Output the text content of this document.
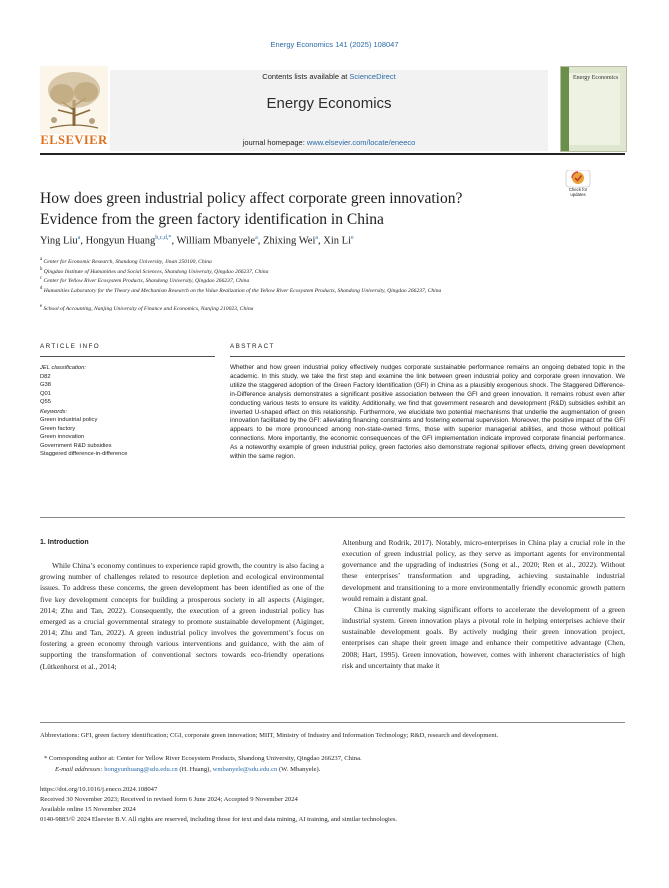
Energy Economics 141 (2025) 108047
ELSEVIER
Contents lists available at ScienceDirect
Energy Economics
journal homepage: www.elsevier.com/locate/eneeco
Energy Economics
Check for updates
How does green industrial policy affect corporate green innovation?
Evidence from the green factory identification in China
Ying Liu$^a$, Hongyun Huang$^{b,c,d,*}$, William Mbanyele$^a$, Zhixing Wei$^a$, Xin Li$^e$
$^a$ Center for Economic Research, Shandong University, Jinan 250100, China
$^b$ Qingdao Institute of Humanities and Social Sciences, Shandong University, Qingdao 266237, China
$^c$ Center for Yellow River Ecosystem Products, Shandong University, Qingdao 266237, China
$^d$ Humanities Laboratory for the Theory and Mechanism Research on the Value Realization of the Yellow River Ecosystem Products, Shandong University, Qingdao 266237, China
$^e$ School of Accounting, Nanjing University of Finance and Economics, Nanjing 210023, China
ARTICLE INFO	ABSTRACT
JEL classification:
D82
G38
Q01
Q55
Keywords:
Green industrial policy
Green factory
Green innovation
Government R&D subsidies
Staggered difference-in-difference
Whether and how green industrial policy effectively nudges corporate sustainable performance remains an ongoing debated topic in the academic. In this study, we take the first step and examine the link between green industrial policy and corporate green innovation. We utilize the staggered adoption of the Green Factory Identification (GFI) in China as a plausibly exogenous shock. The Staggered Difference-in-Difference analysis demonstrates a significant positive association between the GFI and green innovation. It remains robust even after conducting various tests to ensure its validity. Additionally, we find that government research and development (R&D) subsidies exhibit an inverted U-shaped effect on this relationship. Furthermore, we elucidate two potential mechanisms that underlie the augmentation of green innovation facilitated by the GFI: alleviating financing constraints and fostering external supervision. Moreover, the positive impact of the GFI appears to be more pronounced among non-state-owned firms, those with superior managerial abilities, and those without political connections. More importantly, the economic consequences of the GFI implementation indicate improved corporate financial performance. As a noteworthy example of green industrial policy, green factories also demonstrate regional spillover effects, driving green development within the same region.

1. Introduction

While China’s economy continues to experience rapid growth, the country is also facing a growing number of challenges related to resource depletion and ecological environmental issues. To address these concerns, the green development has been identified as one of the five key development concepts for building a prosperous society in all aspects (Aiginger, 2014; Zhu and Tan, 2022). Consequently, the execution of a green industrial policy has emerged as a crucial governmental strategy to promote sustainable development (Aiginger, 2014; Zhu and Tan, 2022). A green industrial policy involves the government’s focus on fostering a green economy through various interventions and guidance, with the aim of supporting the transformation of conventional sectors towards eco-friendly operations (Lütkenhorst et al., 2014;

Altenburg and Rodrik, 2017). Notably, micro-enterprises in China play a crucial role in the execution of green industrial policy, as they serve as important agents for environmental governance and the upgrading of industries (Song et al., 2020; Ren et al., 2022). Without these enterprises’ transformation and upgrading, achieving sustainable industrial development and transitioning to a more environmentally friendly economic growth pattern would remain a distant goal.

China is currently making significant efforts to accelerate the development of a green industrial system. Green innovation plays a pivotal role in helping enterprises achieve their sustainable development goals. By actively nudging their green innovation project, enterprises can shape their green image and enhance their competitive advantage (Chen, 2008; Hart, 1995). Green innovation, however, comes with inherent characteristics of high risk and uncertainty that make it

Abbreviations: GFI, green factory identification; CGI, corporate green innovation; MIIT, Ministry of Industry and Information Technology; R&D, research and development.
* Corresponding author at: Center for Yellow River Ecosystem Products, Shandong University, Qingdao 266237, China.
E-mail addresses: hongyunhuang@sdu.edu.cn (H. Huang), wmbanyele@sdu.edu.cn (W. Mbanyele).
https://doi.org/10.1016/j.eneco.2024.108047
Received 30 November 2023; Received in revised form 6 June 2024; Accepted 9 November 2024
Available online 15 November 2024
0140-9883/© 2024 Elsevier B.V. All rights are reserved, including those for text and data mining, AI training, and similar technologies.
